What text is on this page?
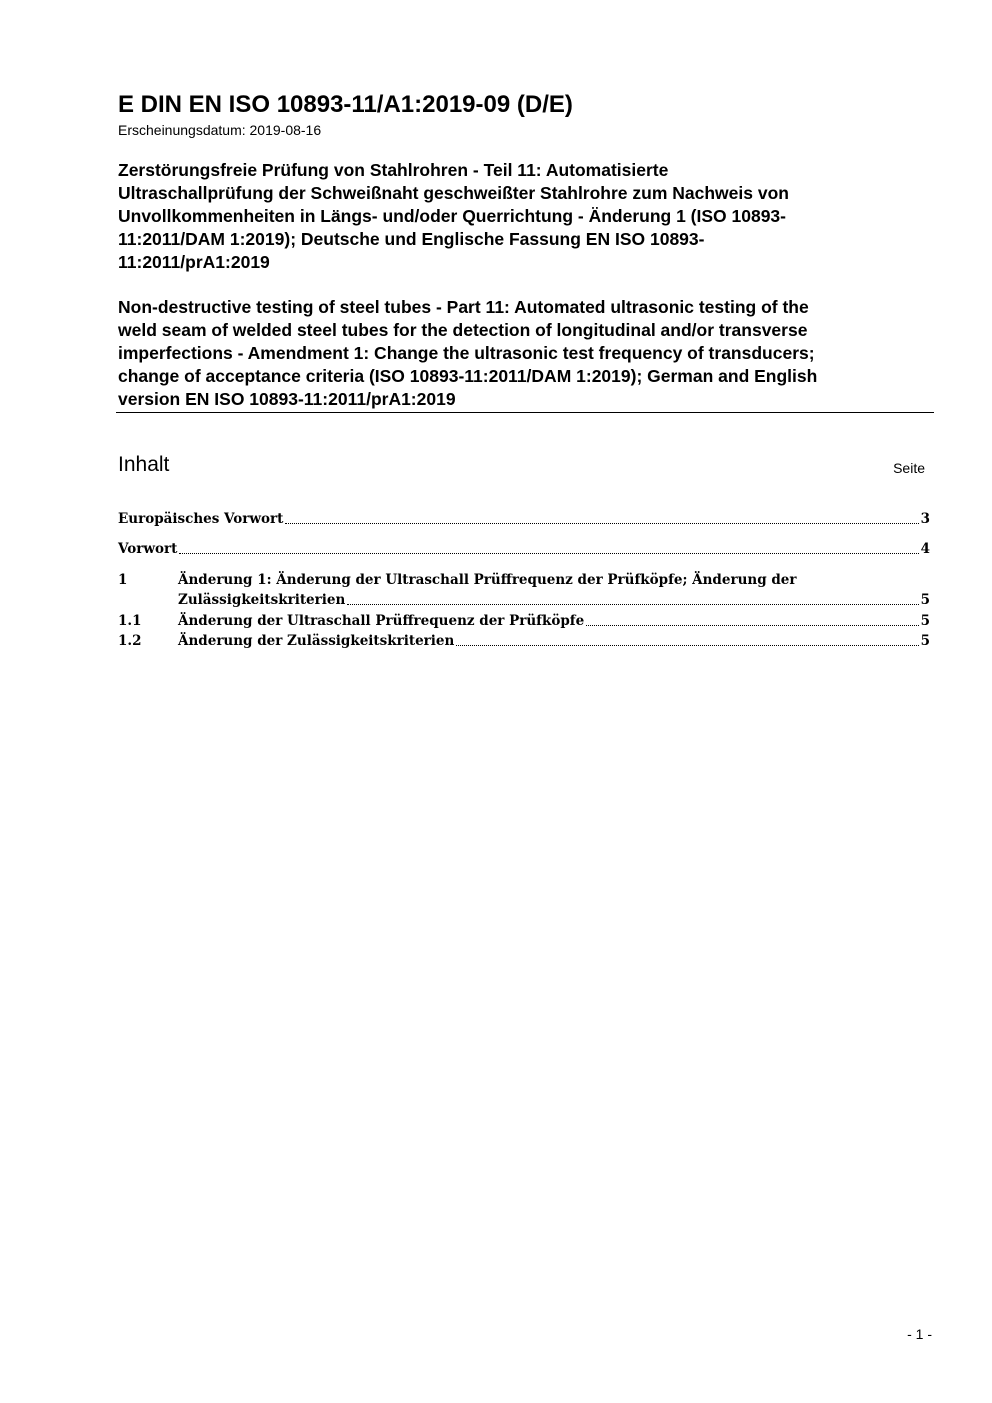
E DIN EN ISO 10893-11/A1:2019-09 (D/E)
Erscheinungsdatum: 2019-08-16
Zerstörungsfreie Prüfung von Stahlrohren - Teil 11: Automatisierte
Ultraschallprüfung der Schweißnaht geschweißter Stahlrohre zum Nachweis von
Unvollkommenheiten in Längs- und/oder Querrichtung - Änderung 1 (ISO 10893-
11:2011/DAM 1:2019); Deutsche und Englische Fassung EN ISO 10893-
11:2011/prA1:2019
Non-destructive testing of steel tubes - Part 11: Automated ultrasonic testing of the
weld seam of welded steel tubes for the detection of longitudinal and/or transverse
imperfections - Amendment 1: Change the ultrasonic test frequency of transducers;
change of acceptance criteria (ISO 10893-11:2011/DAM 1:2019); German and English
version EN ISO 10893-11:2011/prA1:2019
Inhalt	Seite
Europäisches Vorwort	3
Vorwort	4
1	Änderung 1: Änderung der Ultraschall Prüffrequenz der Prüfköpfe; Änderung der
Zulässigkeitskriterien	5
1.1	Änderung der Ultraschall Prüffrequenz der Prüfköpfe	5
1.2	Änderung der Zulässigkeitskriterien	5
- 1 -
